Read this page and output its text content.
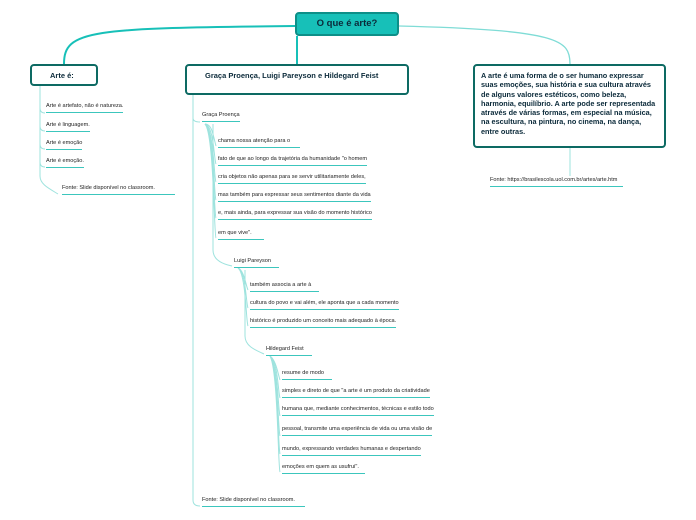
O que é arte?
Arte é:
Arte é artefato, não é natureza.
Arte é linguagem.
Arte é emoção
Arte é emoção.
Fonte: Slide disponível no classroom.
Graça Proença, Luigi Pareyson e Hildegard Feist
Graça Proença
chama nossa atenção para o
fato de que ao longo da trajetória da humanidade "o homem
cria objetos não apenas para se servir utilitariamente deles,
mas também para expressar seus sentimentos diante da vida
e, mais ainda, para expressar sua visão do momento histórico
em que vive".
Luigi Pareyson
também associa a arte à
cultura do povo e vai além, ele aponta que a cada momento
histórico é produzido um conceito mais adequado à época.
Hildegard Feist
resume de modo
simples e direto de que "a arte é um produto da criatividade
humana que, mediante conhecimentos, técnicas e estilo todo
pessoal, transmite uma experiência de vida ou uma visão de
mundo, expressando verdades humanas e despertando
emoções em quem as usufrui".
Fonte: Slide disponível no classroom.
A arte é uma forma de o ser humano expressar suas emoções, sua história e sua cultura através de alguns valores estéticos, como beleza, harmonia, equilíbrio. A arte pode ser representada através de várias formas, em especial na música, na escultura, na pintura, no cinema, na dança, entre outras.
Fonte: https://brasilescola.uol.com.br/artes/arte.htm
